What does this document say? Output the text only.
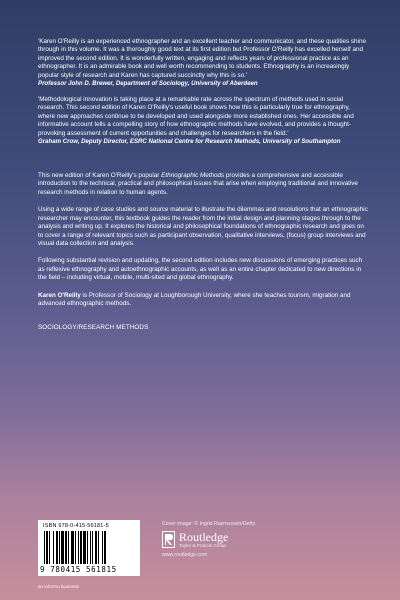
'Karen O'Reilly is an experienced ethnographer and an excellent teacher and communicator, and these qualities shine through in this volume. It was a thoroughly good text at its first edition but Professor O'Reilly has excelled herself and improved the second edition. It is wonderfully written, engaging and reflects years of professional practice as an ethnographer. It is an admirable book and well worth recommending to students. Ethnography is an increasingly popular style of research and Karen has captured succinctly why this is so.'

Professor John D. Brewer, Department of Sociology, University of Aberdeen

'Methodological innovation is taking place at a remarkable rate across the spectrum of methods used in social research. This second edition of Karen O'Reilly's useful book shows how this is particularly true for ethnography, where new approaches continue to be developed and used alongside more established ones. Her accessible and informative account tells a compelling story of how ethnographic methods have evolved, and provides a thought-provoking assessment of current opportunities and challenges for researchers in the field.'

Graham Crow, Deputy Director, ESRC National Centre for Research Methods, University of Southampton

This new edition of Karen O'Reilly's popular Ethnographic Methods provides a comprehensive and accessible introduction to the technical, practical and philosophical issues that arise when employing traditional and innovative research methods in relation to human agents.

Using a wide range of case studies and source material to illustrate the dilemmas and resolutions that an ethnographic researcher may encounter, this textbook guides the reader from the initial design and planning stages through to the analysis and writing up. It explores the historical and philosophical foundations of ethnographic research and goes on to cover a range of relevant topics such as participant observation, qualitative interviews, (focus) group interviews and visual data collection and analysis.

Following substantial revision and updating, the second edition includes new discussions of emerging practices such as reflexive ethnography and autoethnographic accounts, as well as an entire chapter dedicated to new directions in the field – including virtual, mobile, multi-sited and global ethnography.

Karen O'Reilly is Professor of Sociology at Loughborough University, where she teaches tourism, migration and advanced ethnographic methods.

SOCIOLOGY/RESEARCH METHODS

ISBN 978-0-415-56181-5
9 780415 561815
Cover image: © Ingrid Rasmussen/Getty
Routledge
Taylor & Francis Group
www.routledge.com
an informa business
